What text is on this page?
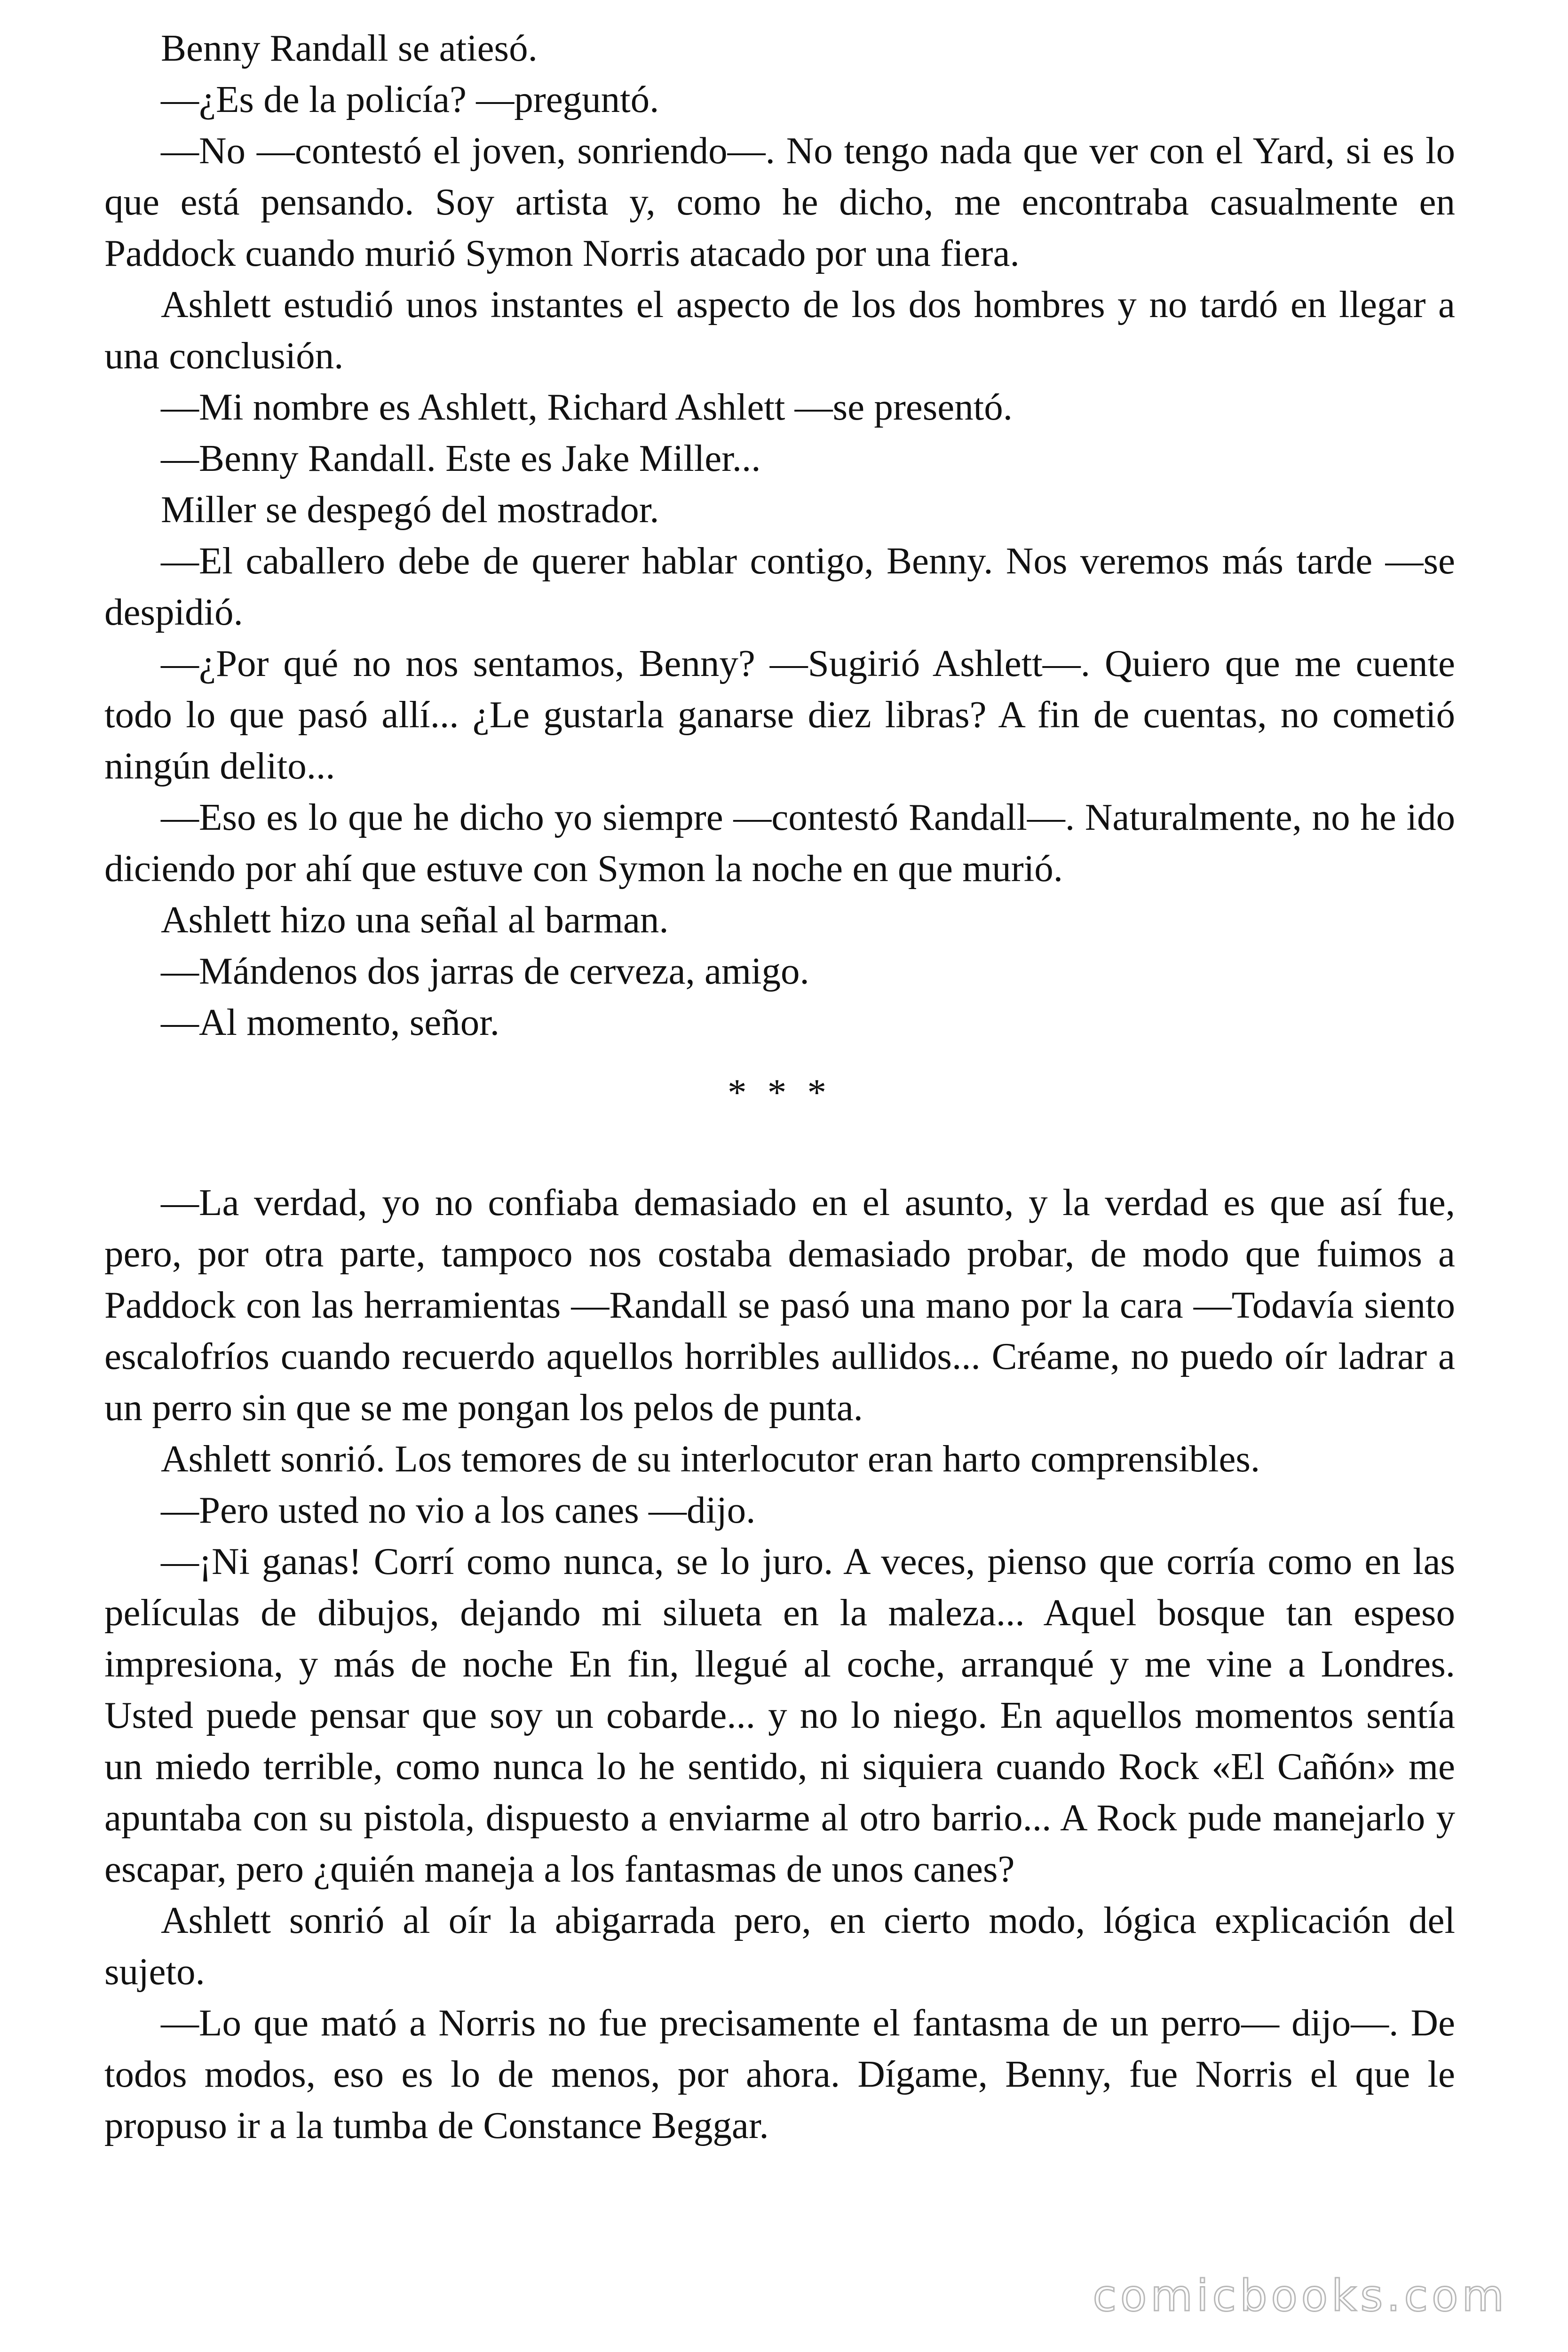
Benny Randall se atiesó.

—¿Es de la policía? —preguntó.

—No —contestó el joven, sonriendo—. No tengo nada que ver con el Yard, si es lo que está pensando. Soy artista y, como he dicho, me encontraba casualmente en Paddock cuando murió Symon Norris atacado por una fiera.

Ashlett estudió unos instantes el aspecto de los dos hombres y no tardó en llegar a una conclusión.

—Mi nombre es Ashlett, Richard Ashlett —se presentó.

—Benny Randall. Este es Jake Miller...

Miller se despegó del mostrador.

—El caballero debe de querer hablar contigo, Benny. Nos veremos más tarde —se despidió.

—¿Por qué no nos sentamos, Benny? —Sugirió Ashlett—. Quiero que me cuente todo lo que pasó allí... ¿Le gustarla ganarse diez libras? A fin de cuentas, no cometió ningún delito...

—Eso es lo que he dicho yo siempre —contestó Randall—. Naturalmente, no he ido diciendo por ahí que estuve con Symon la noche en que murió.

Ashlett hizo una señal al barman.

—Mándenos dos jarras de cerveza, amigo.

—Al momento, señor.

* * *

—La verdad, yo no confiaba demasiado en el asunto, y la verdad es que así fue, pero, por otra parte, tampoco nos costaba demasiado probar, de modo que fuimos a Paddock con las herramientas —Randall se pasó una mano por la cara —Todavía siento escalofríos cuando recuerdo aquellos horribles aullidos... Créame, no puedo oír ladrar a un perro sin que se me pongan los pelos de punta.

Ashlett sonrió. Los temores de su interlocutor eran harto comprensibles.

—Pero usted no vio a los canes —dijo.

—¡Ni ganas! Corrí como nunca, se lo juro. A veces, pienso que corría como en las películas de dibujos, dejando mi silueta en la maleza... Aquel bosque tan espeso impresiona, y más de noche En fin, llegué al coche, arranqué y me vine a Londres. Usted puede pensar que soy un cobarde... y no lo niego. En aquellos momentos sentía un miedo terrible, como nunca lo he sentido, ni siquiera cuando Rock «El Cañón» me apuntaba con su pistola, dispuesto a enviarme al otro barrio... A Rock pude manejarlo y escapar, pero ¿quién maneja a los fantasmas de unos canes?

Ashlett sonrió al oír la abigarrada pero, en cierto modo, lógica explicación del sujeto.

—Lo que mató a Norris no fue precisamente el fantasma de un perro— dijo—. De todos modos, eso es lo de menos, por ahora. Dígame, Benny, fue Norris el que le propuso ir a la tumba de Constance Beggar.

comicbooks.com
